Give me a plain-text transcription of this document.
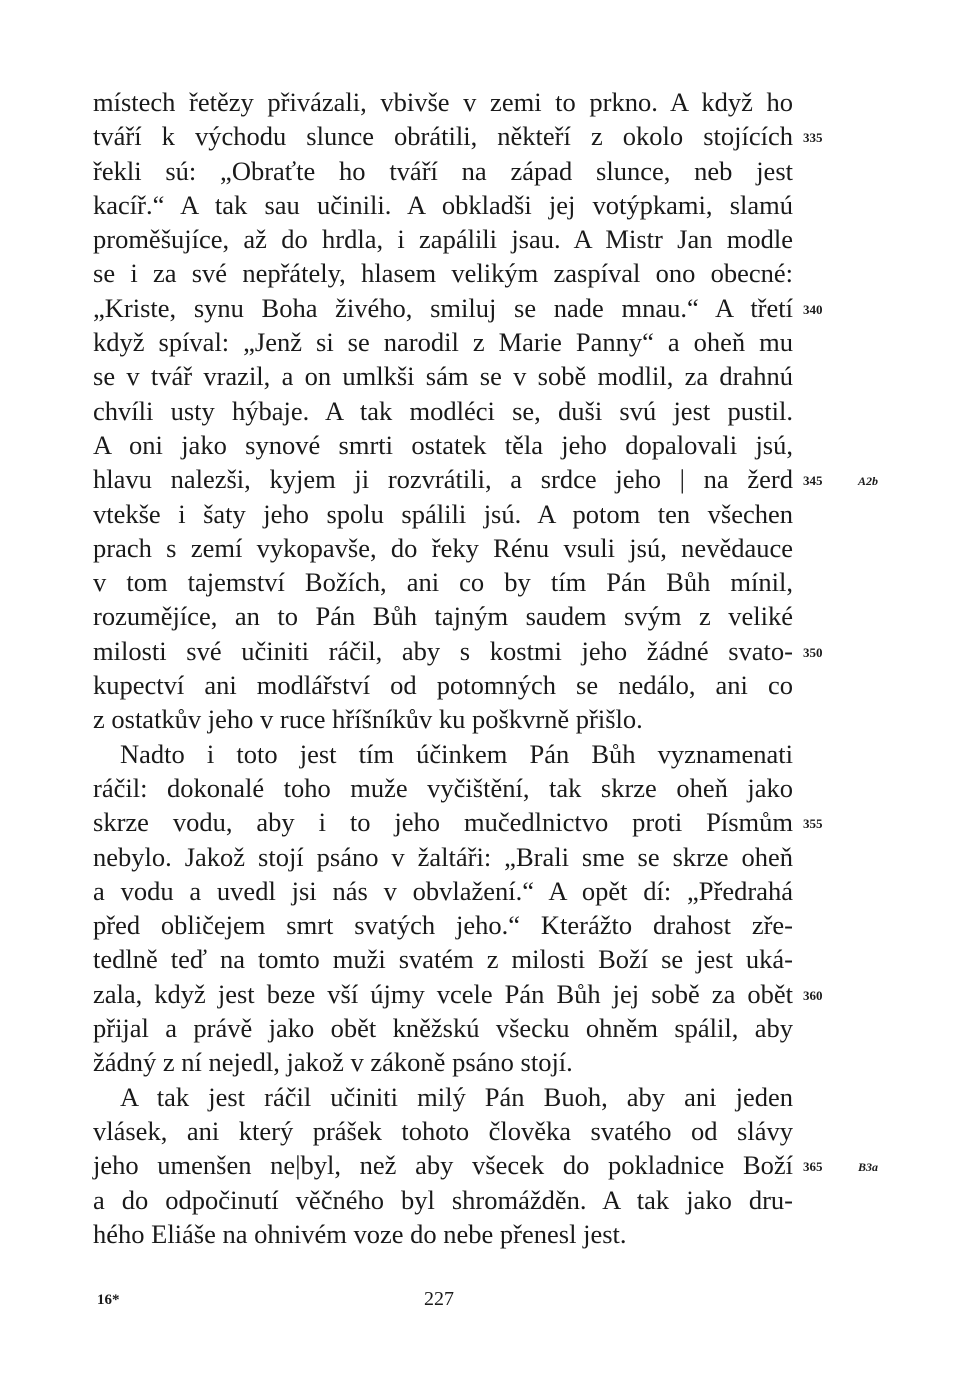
místech řetězy přivázali, vbivše v zemi to prkno. A když ho
tváří k východu slunce obrátili, někteří z okolo stojících
řekli sú: „Obraťte ho tváří na západ slunce, neb jest
kacíř.“ A tak sau učinili. A obkladši jej votýpkami, slamú
proměšujíce, až do hrdla, i zapálili jsau. A Mistr Jan modle
se i za své nepřátely, hlasem velikým zaspíval ono obecné:
„Kriste, synu Boha živého, smiluj se nade mnau.“ A třetí
když spíval: „Jenž si se narodil z Marie Panny“ a oheň mu
se v tvář vrazil, a on umlkši sám se v sobě modlil, za drahnú
chvíli usty hýbaje. A tak modléci se, duši svú jest pustil.
A oni jako synové smrti ostatek těla jeho dopalovali jsú,
hlavu nalezši, kyjem ji rozvrátili, a srdce jeho | na žerd
vtekše i šaty jeho spolu spálili jsú. A potom ten všechen
prach s zemí vykopavše, do řeky Rénu vsuli jsú, nevědauce
v tom tajemství Božích, ani co by tím Pán Bůh mínil,
rozumějíce, an to Pán Bůh tajným saudem svým z veliké
milosti své učiniti ráčil, aby s kostmi jeho žádné svato-
kupectví ani modlářství od potomných se nedálo, ani co
z ostatkův jeho v ruce hříšníkův ku poškvrně přišlo.
Nadto i toto jest tím účinkem Pán Bůh vyznamenati
ráčil: dokonalé toho muže vyčištění, tak skrze oheň jako
skrze vodu, aby i to jeho mučedlnictvo proti Písmům
nebylo. Jakož stojí psáno v žaltáři: „Brali sme se skrze oheň
a vodu a uvedl jsi nás v obvlažení.“ A opět dí: „Předrahá
před obličejem smrt svatých jeho.“ Kterážto drahost zře-
tedlně teď na tomto muži svatém z milosti Boží se jest uká-
zala, když jest beze vší újmy vcele Pán Bůh jej sobě za obět
přijal a právě jako obět kněžskú všecku ohněm spálil, aby
žádný z ní nejedl, jakož v zákoně psáno stojí.
A tak jest ráčil učiniti milý Pán Buoh, aby ani jeden
vlásek, ani který prášek tohoto člověka svatého od slávy
jeho umenšen ne|byl, než aby všecek do pokladnice Boží
a do odpočinutí věčného byl shromážděn. A tak jako dru-
hého Eliáše na ohnivém voze do nebe přenesl jest.
335
340
345
350
355
360
365
A2b
B3a
16*	227
